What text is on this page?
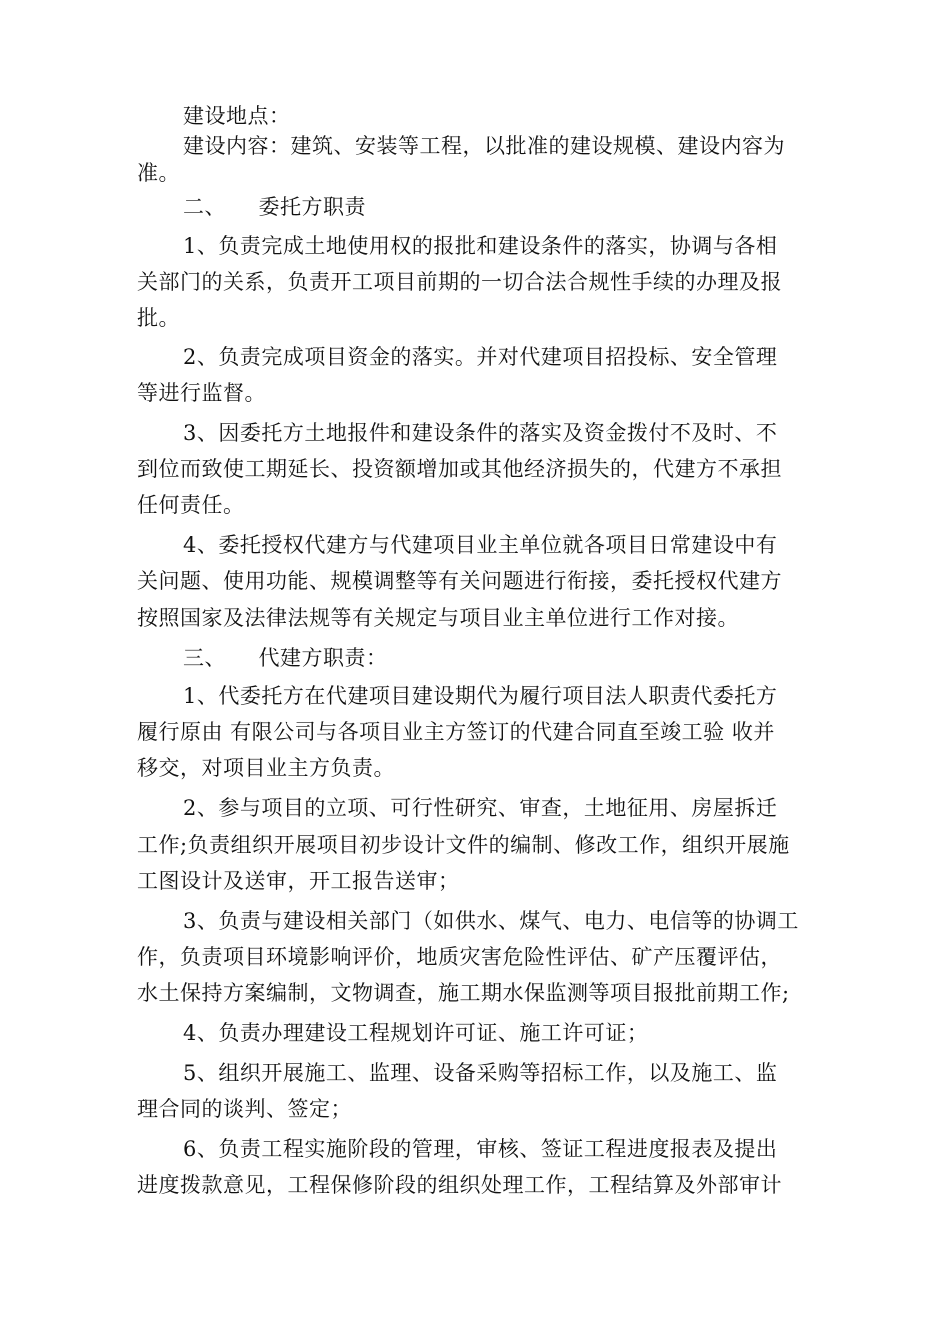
建设地点：
建设内容：建筑、安装等工程，以批准的建设规模、建设内容为
准。
二、　　委托方职责
1、负责完成土地使用权的报批和建设条件的落实，协调与各相
关部门的关系，负责开工项目前期的一切合法合规性手续的办理及报
批。
2、负责完成项目资金的落实。并对代建项目招投标、安全管理
等进行监督。
3、因委托方土地报件和建设条件的落实及资金拨付不及时、不
到位而致使工期延长、投资额增加或其他经济损失的，代建方不承担
任何责任。
4、委托授权代建方与代建项目业主单位就各项目日常建设中有
关问题、使用功能、规模调整等有关问题进行衔接，委托授权代建方
按照国家及法律法规等有关规定与项目业主单位进行工作对接。
三、　　代建方职责：
1、代委托方在代建项目建设期代为履行项目法人职责代委托方
履行原由 有限公司与各项目业主方签订的代建合同直至竣工验 收并
移交，对项目业主方负责。
2、参与项目的立项、可行性研究、审查，土地征用、房屋拆迁
工作;负责组织开展项目初步设计文件的编制、修改工作，组织开展施
工图设计及送审，开工报告送审；
3、负责与建设相关部门（如供水、煤气、电力、电信等的协调工
作，负责项目环境影响评价，地质灾害危险性评估、矿产压覆评估，
水土保持方案编制，文物调查，施工期水保监测等项目报批前期工作;
4、负责办理建设工程规划许可证、施工许可证；
5、组织开展施工、监理、设备采购等招标工作，以及施工、监
理合同的谈判、签定；
6、负责工程实施阶段的管理，审核、签证工程进度报表及提出
进度拨款意见，工程保修阶段的组织处理工作，工程结算及外部审计
